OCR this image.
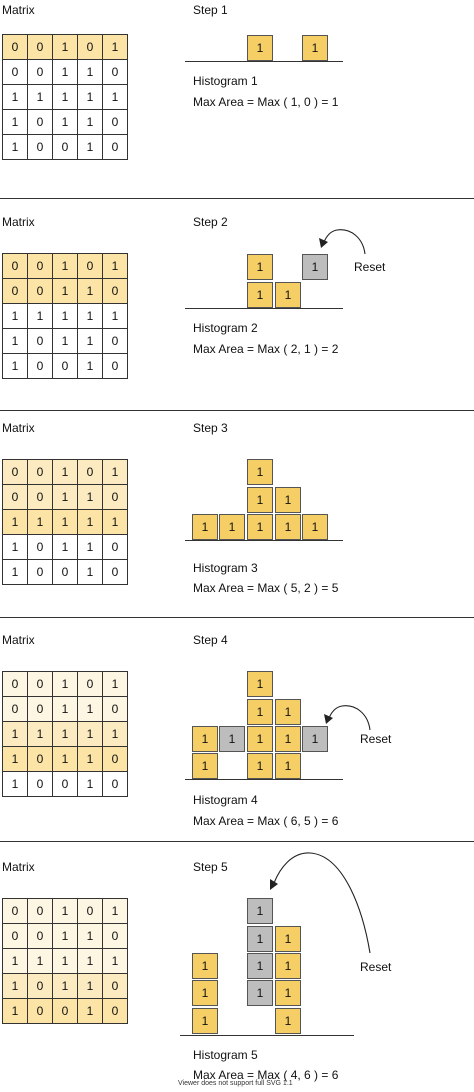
Matrix	Step 1
0	0	1	0	1
0	0	1	1	0
1	1	1	1	1
1	0	1	1	0
1	0	0	1	0
1	1
Histogram 1
Max Area = Max ( 1, 0 ) = 1
Matrix	Step 2
0	0	1	0	1
0	0	1	1	0
1	1	1	1	1
1	0	1	1	0
1	0	0	1	0
1	1
1	1
Reset
Histogram 2
Max Area = Max ( 2, 1 ) = 2
Matrix	Step 3
0	0	1	0	1
0	0	1	1	0
1	1	1	1	1
1	0	1	1	0
1	0	0	1	0
1
1	1
1	1	1	1	1
Histogram 3
Max Area = Max ( 5, 2 ) = 5
Matrix	Step 4
0	0	1	0	1
0	0	1	1	0
1	1	1	1	1
1	0	1	1	0
1	0	0	1	0
1
1	1
1	1	1	1	1
1	1	1
Reset
Histogram 4
Max Area = Max ( 6, 5 ) = 6
Matrix	Step 5
0	0	1	0	1
0	0	1	1	0
1	1	1	1	1
1	0	1	1	0
1	0	0	1	0
1
1
1
1
1
1
1
1
1
1
1
Reset
Histogram 5
Max Area = Max ( 4, 6 ) = 6
Viewer does not support full SVG 1.1
